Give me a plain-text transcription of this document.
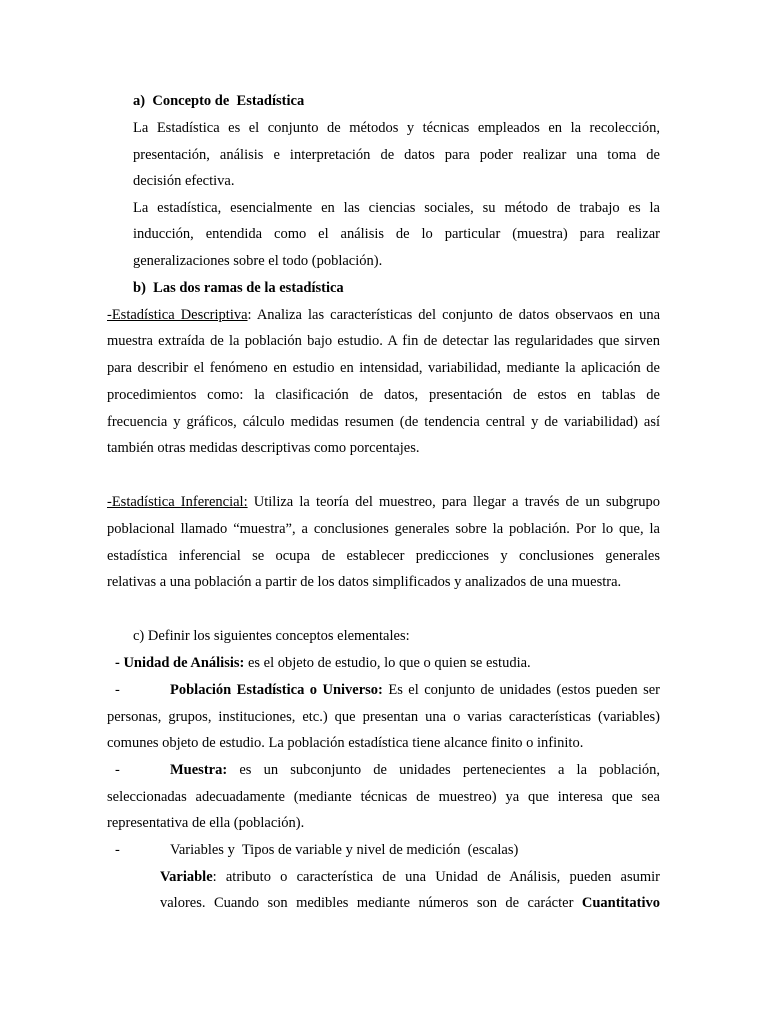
a) Concepto de  Estadística
La Estadística es el conjunto de métodos y técnicas empleados en la recolección,
presentación, análisis e interpretación de datos para poder realizar una toma de
decisión efectiva.
La estadística, esencialmente en las ciencias sociales, su método de trabajo es la
inducción, entendida como el análisis de lo particular (muestra) para realizar
generalizaciones sobre el todo (población).
b) Las dos ramas de la estadística
-Estadística Descriptiva: Analiza las características del conjunto de datos observaos en una
muestra extraída de la población bajo estudio. A fin de detectar las regularidades que sirven
para describir el fenómeno en estudio en intensidad, variabilidad, mediante la aplicación de
procedimientos como: la clasificación de datos, presentación de estos en tablas de
frecuencia y gráficos, cálculo medidas resumen (de tendencia central y de variabilidad) así
también otras medidas descriptivas como porcentajes.
-Estadística Inferencial: Utiliza la teoría del muestreo, para llegar a través de un subgrupo
poblacional llamado “muestra”, a conclusiones generales sobre la población. Por lo que, la
estadística inferencial se ocupa de establecer predicciones y conclusiones generales
relativas a una población a partir de los datos simplificados y analizados de una muestra.
c) Definir los siguientes conceptos elementales:
- Unidad de Análisis: es el objeto de estudio, lo que o quien se estudia.
-	Población Estadística o Universo: Es el conjunto de unidades (estos pueden ser
personas, grupos, instituciones, etc.) que presentan una o varias características (variables)
comunes objeto de estudio. La población estadística tiene alcance finito o infinito.
-	Muestra: es un subconjunto de unidades pertenecientes a la población,
seleccionadas adecuadamente (mediante técnicas de muestreo) ya que interesa que sea
representativa de ella (población).
-	Variables y  Tipos de variable y nivel de medición  (escalas)
Variable: atributo o característica de una Unidad de Análisis, pueden asumir
valores. Cuando son medibles mediante números son de carácter Cuantitativo
